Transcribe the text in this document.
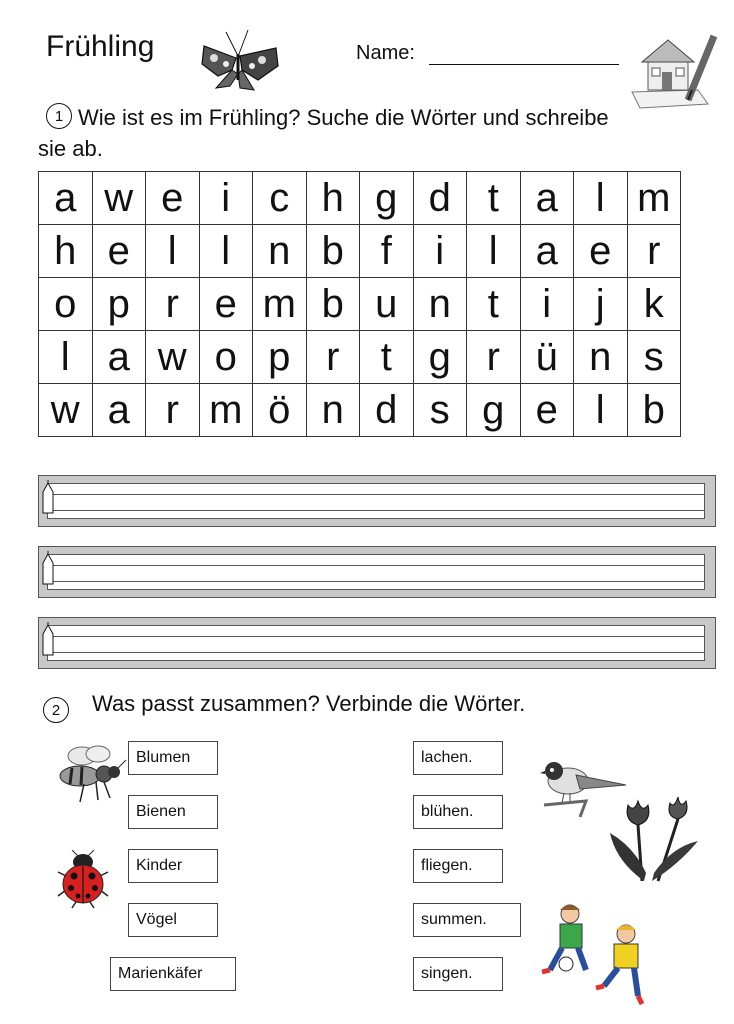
Frühling	Name:
1 Wie ist es im Frühling? Suche die Wörter und schreibe sie ab.
a	w	e	i	c	h	g	d	t	a	l	m
h	e	l	l	n	b	f	i	l	a	e	r
o	p	r	e	m	b	u	n	t	i	j	k
l	a	w	o	p	r	t	g	r	ü	n	s
w	a	r	m	ö	n	d	s	g	e	l	b
2	Was passt zusammen? Verbinde die Wörter.
Blumen
Bienen
Kinder
Vögel
Marienkäfer
lachen.
blühen.
fliegen.
summen.
singen.
